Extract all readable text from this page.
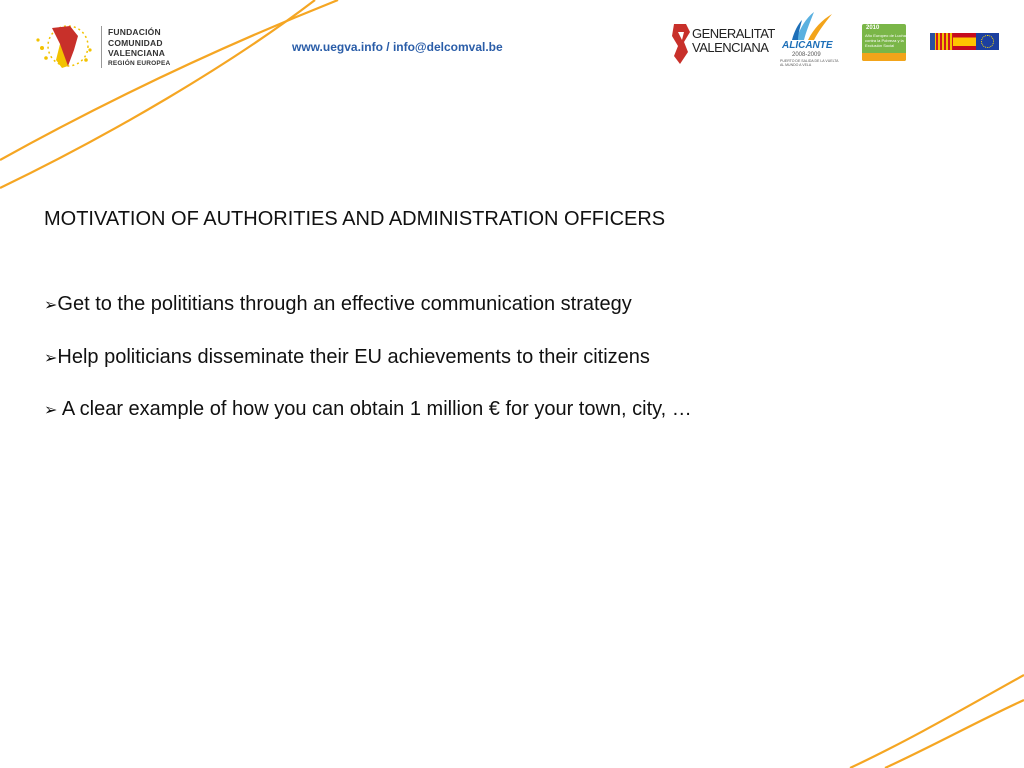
FUNDACIÓN
COMUNIDAD
VALENCIANA
REGIÓN EUROPEA
www.uegva.info / info@delcomval.be
GENERALITAT
VALENCIANA	ALICANTE
2008-2009
PUERTO DE SALIDA DE LA VUELTA AL MUNDO A VELA
2010
Año Europeo de Lucha contra la Pobreza y la Exclusión Social
MOTIVATION OF AUTHORITIES AND ADMINISTRATION OFFICERS
➢Get to the polititians through an effective communication strategy
➢Help politicians disseminate their EU achievements to their citizens
➢ A clear example of how you can obtain 1 million € for your town, city, …
